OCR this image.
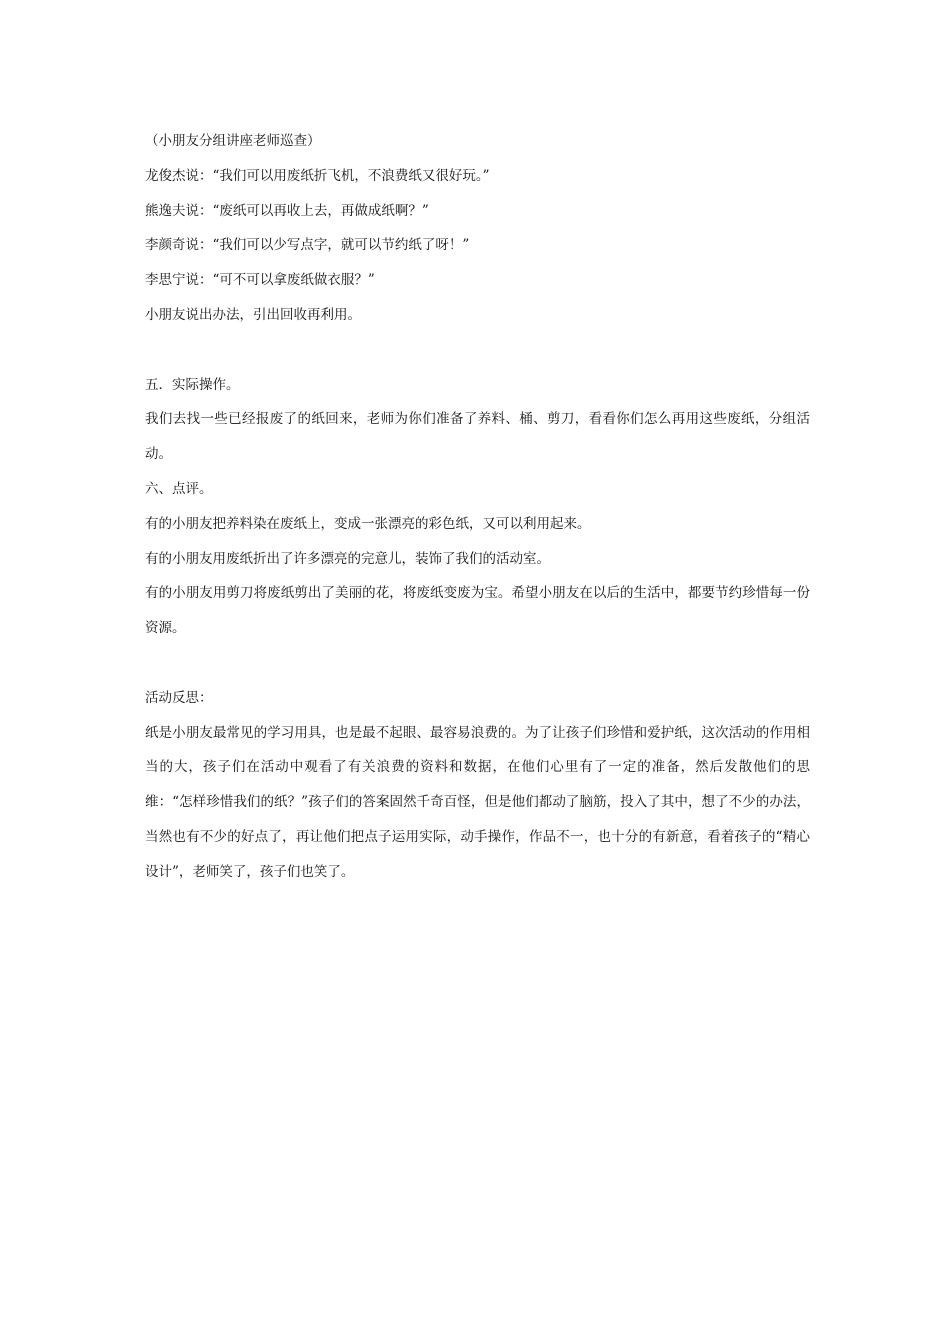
（小朋友分组讲座老师巡查）

龙俊杰说：“我们可以用废纸折飞机，不浪费纸又很好玩。”

熊逸夫说：“废纸可以再收上去，再做成纸啊？”

李颜奇说：“我们可以少写点字，就可以节约纸了呀！”

李思宁说：“可不可以拿废纸做衣服？”

小朋友说出办法，引出回收再利用。

五．实际操作。

我们去找一些已经报废了的纸回来，老师为你们准备了养料、桶、剪刀，看看你们怎么再用这些废纸，分组活动。

六、点评。

有的小朋友把养料染在废纸上，变成一张漂亮的彩色纸，又可以利用起来。

有的小朋友用废纸折出了许多漂亮的完意儿，装饰了我们的活动室。

有的小朋友用剪刀将废纸剪出了美丽的花，将废纸变废为宝。希望小朋友在以后的生活中，都要节约珍惜每一份资源。

活动反思：

纸是小朋友最常见的学习用具，也是最不起眼、最容易浪费的。为了让孩子们珍惜和爱护纸，这次活动的作用相当的大，孩子们在活动中观看了有关浪费的资料和数据，在他们心里有了一定的准备，然后发散他们的思维：“怎样珍惜我们的纸？”孩子们的答案固然千奇百怪，但是他们都动了脑筋，投入了其中，想了不少的办法，当然也有不少的好点了，再让他们把点子运用实际，动手操作，作品不一，也十分的有新意，看着孩子的“精心设计”，老师笑了，孩子们也笑了。
